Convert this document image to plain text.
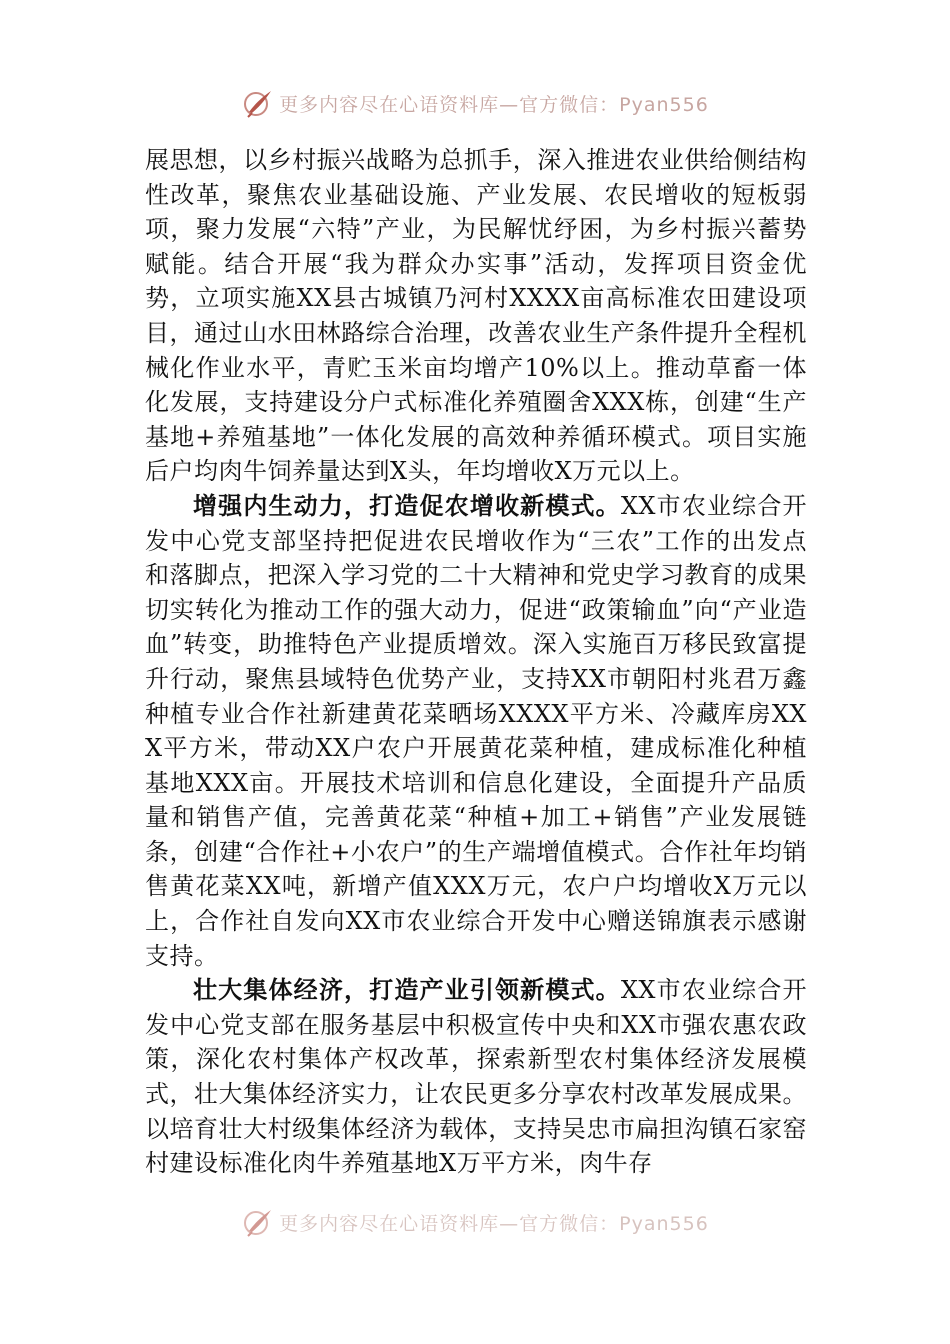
更多内容尽在心语资料库—官方微信：Pyan556

展思想，以乡村振兴战略为总抓手，深入推进农业供给侧结构性改革，聚焦农业基础设施、产业发展、农民增收的短板弱项，聚力发展“六特”产业，为民解忧纾困，为乡村振兴蓄势赋能。结合开展“我为群众办实事”活动，发挥项目资金优势，立项实施XX县古城镇乃河村XXXX亩高标准农田建设项目，通过山水田林路综合治理，改善农业生产条件提升全程机械化作业水平，青贮玉米亩均增产10%以上。推动草畜一体化发展，支持建设分户式标准化养殖圈舍XXX栋，创建“生产基地+养殖基地”一体化发展的高效种养循环模式。项目实施后户均肉牛饲养量达到X头，年均增收X万元以上。

增强内生动力，打造促农增收新模式。XX市农业综合开发中心党支部坚持把促进农民增收作为“三农”工作的出发点和落脚点，把深入学习党的二十大精神和党史学习教育的成果切实转化为推动工作的强大动力，促进“政策输血”向“产业造血”转变，助推特色产业提质增效。深入实施百万移民致富提升行动，聚焦县域特色优势产业，支持XX市朝阳村兆君万鑫种植专业合作社新建黄花菜晒场XXXX平方米、冷藏库房XXX平方米，带动XX户农户开展黄花菜种植，建成标准化种植基地XXX亩。开展技术培训和信息化建设，全面提升产品质量和销售产值，完善黄花菜“种植+加工+销售”产业发展链条，创建“合作社+小农户”的生产端增值模式。合作社年均销售黄花菜XX吨，新增产值XXX万元，农户户均增收X万元以上，合作社自发向XX市农业综合开发中心赠送锦旗表示感谢支持。

壮大集体经济，打造产业引领新模式。XX市农业综合开发中心党支部在服务基层中积极宣传中央和XX市强农惠农政策，深化农村集体产权改革，探索新型农村集体经济发展模式，壮大集体经济实力，让农民更多分享农村改革发展成果。以培育壮大村级集体经济为载体，支持吴忠市扁担沟镇石家窑村建设标准化肉牛养殖基地X万平方米，肉牛存

更多内容尽在心语资料库—官方微信：Pyan556
